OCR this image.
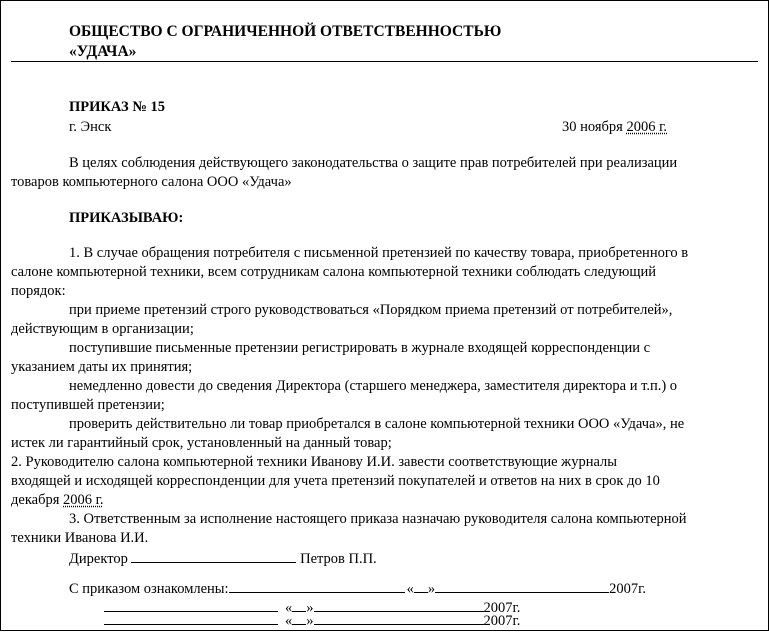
ОБЩЕСТВО С ОГРАНИЧЕННОЙ ОТВЕТСТВЕННОСТЬЮ
«УДАЧА»
ПРИКАЗ № 15
г. Энск	30 ноября 2006 г.
В целях соблюдения действующего законодательства о защите прав потребителей при реализации
товаров компьютерного салона ООО «Удача»
ПРИКАЗЫВАЮ:
1. В случае обращения потребителя с письменной претензией по качеству товара, приобретенного в
салоне компьютерной техники, всем сотрудникам салона компьютерной техники соблюдать следующий
порядок:
при приеме претензий строго руководствоваться «Порядком приема претензий от потребителей»,
действующим в организации;
поступившие письменные претензии регистрировать в журнале входящей корреспонденции с
указанием даты их принятия;
немедленно довести до сведения Директора (старшего менеджера, заместителя директора и т.п.) о
поступившей претензии;
проверить действительно ли товар приобретался в салоне компьютерной техники ООО «Удача», не
истек ли гарантийный срок, установленный на данный товар;
2. Руководителю салона компьютерной техники Иванову И.И. завести соответствующие журналы
входящей и исходящей корреспонденции для учета претензий покупателей и ответов на них в срок до 10
декабря 2006 г.
3. Ответственным за исполнение настоящего приказа назначаю руководителя салона компьютерной
техники Иванова И.И.
Директор	Петров П.П.
С приказом ознакомлены:	« »	2007г.
« »	2007г.
« »	2007г.
